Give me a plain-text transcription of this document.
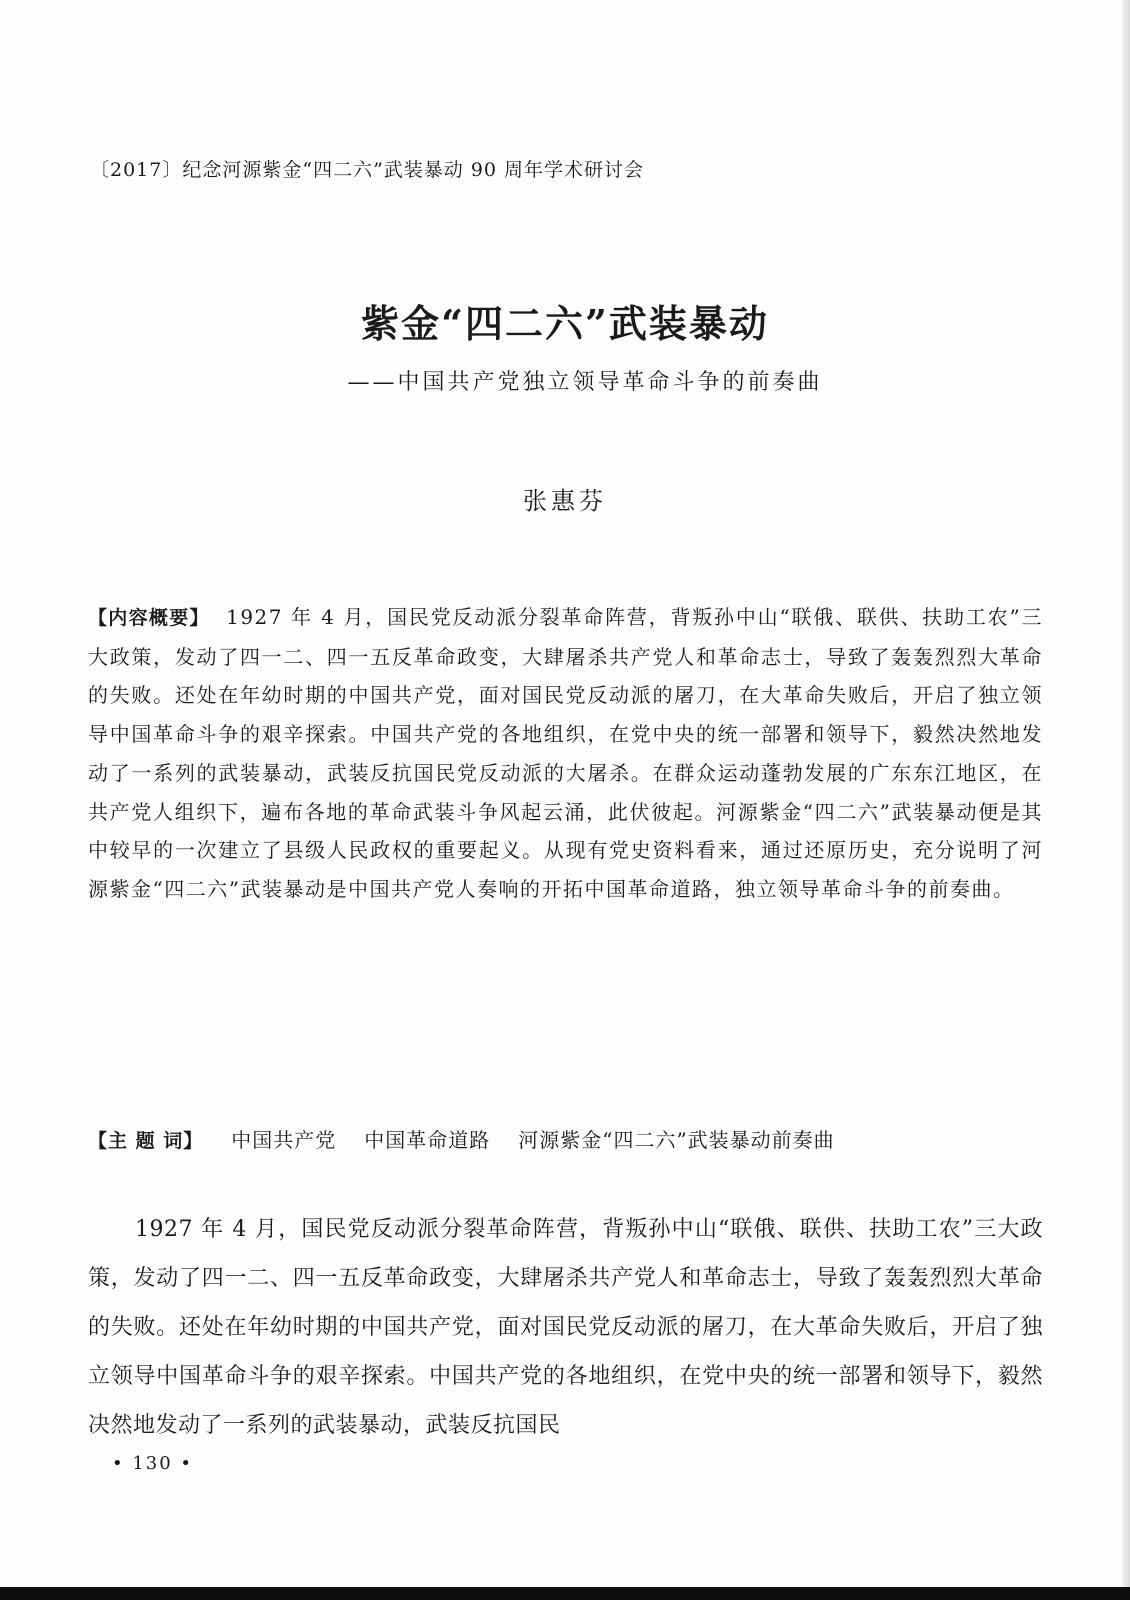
〔2017〕纪念河源紫金“四二六”武装暴动 90 周年学术研讨会
紫金“四二六”武装暴动
——中国共产党独立领导革命斗争的前奏曲
张惠芬
【内容概要】 1927 年 4 月，国民党反动派分裂革命阵营，背叛孙中山“联俄、联供、扶助工农”三大政策，发动了四一二、四一五反革命政变，大肆屠杀共产党人和革命志士，导致了轰轰烈烈大革命的失败。还处在年幼时期的中国共产党，面对国民党反动派的屠刀，在大革命失败后，开启了独立领导中国革命斗争的艰辛探索。中国共产党的各地组织，在党中央的统一部署和领导下，毅然决然地发动了一系列的武装暴动，武装反抗国民党反动派的大屠杀。在群众运动蓬勃发展的广东东江地区，在共产党人组织下，遍布各地的革命武装斗争风起云涌，此伏彼起。河源紫金“四二六”武装暴动便是其中较早的一次建立了县级人民政权的重要起义。从现有党史资料看来，通过还原历史，充分说明了河源紫金“四二六”武装暴动是中国共产党人奏响的开拓中国革命道路，独立领导革命斗争的前奏曲。
【主 题 词】 中国共产党 中国革命道路 河源紫金“四二六”武装暴动前奏曲
1927 年 4 月，国民党反动派分裂革命阵营，背叛孙中山“联俄、联供、扶助工农”三大政策，发动了四一二、四一五反革命政变，大肆屠杀共产党人和革命志士，导致了轰轰烈烈大革命的失败。还处在年幼时期的中国共产党，面对国民党反动派的屠刀，在大革命失败后，开启了独立领导中国革命斗争的艰辛探索。中国共产党的各地组织，在党中央的统一部署和领导下，毅然决然地发动了一系列的武装暴动，武装反抗国民
• 130 •
